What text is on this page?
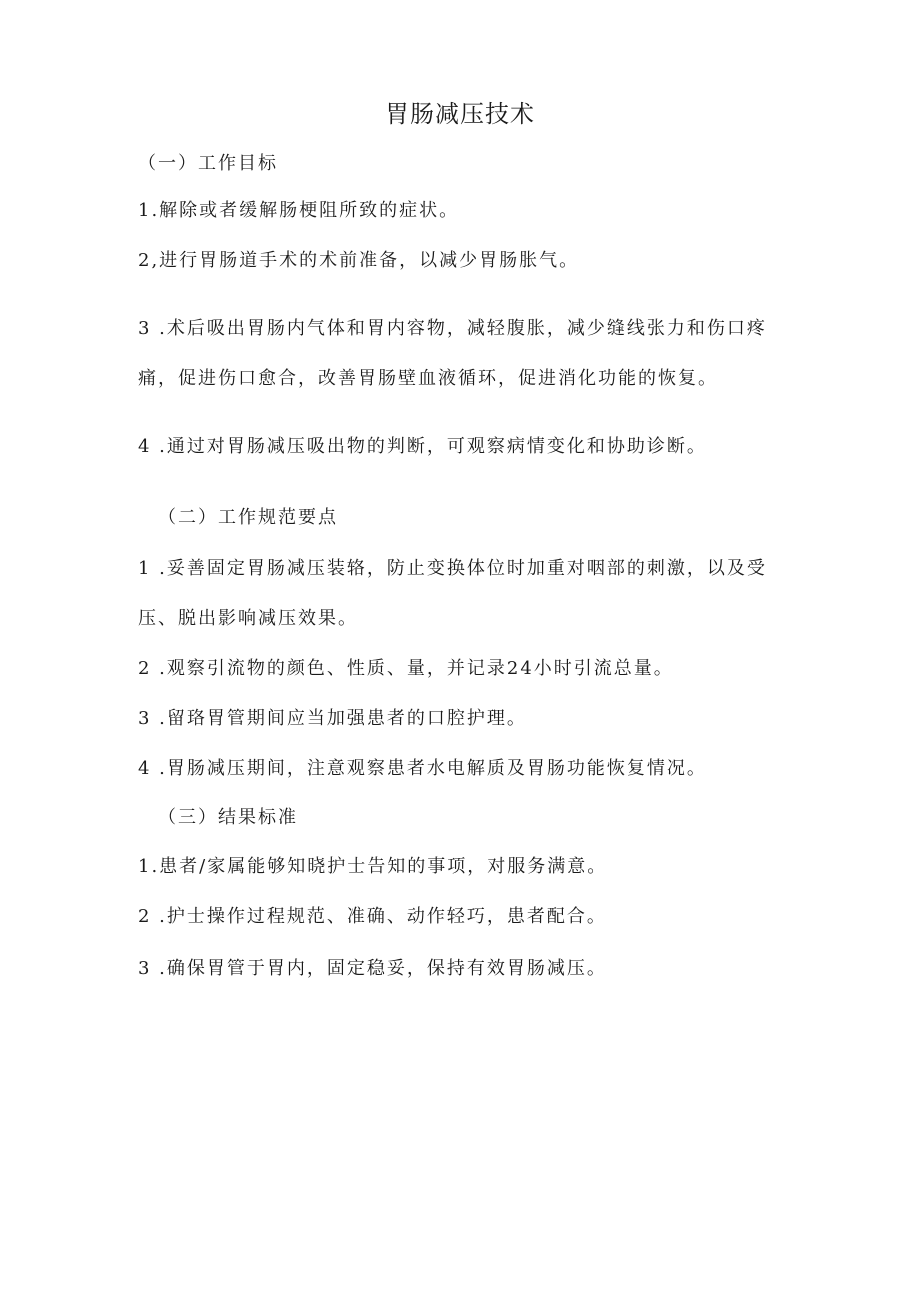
胃肠减压技术
（一）工作目标
1.解除或者缓解肠梗阻所致的症状。
2,进行胃肠道手术的术前准备，以减少胃肠胀气。
3 .术后吸出胃肠内气体和胃内容物，减轻腹胀，减少缝线张力和伤口疼
痛，促进伤口愈合，改善胃肠壁血液循环，促进消化功能的恢复。
4 .通过对胃肠减压吸出物的判断，可观察病情变化和协助诊断。
（二）工作规范要点
1 .妥善固定胃肠减压装辂，防止变换体位时加重对咽部的刺激，以及受
压、脱出影响减压效果。
2 .观察引流物的颜色、性质、量，并记录24小时引流总量。
3 .留珞胃管期间应当加强患者的口腔护理。
4 .胃肠减压期间，注意观察患者水电解质及胃肠功能恢复情况。
（三）结果标准
1.患者/家属能够知晓护士告知的事项，对服务满意。
2 .护士操作过程规范、准确、动作轻巧，患者配合。
3 .确保胃管于胃内，固定稳妥，保持有效胃肠减压。
